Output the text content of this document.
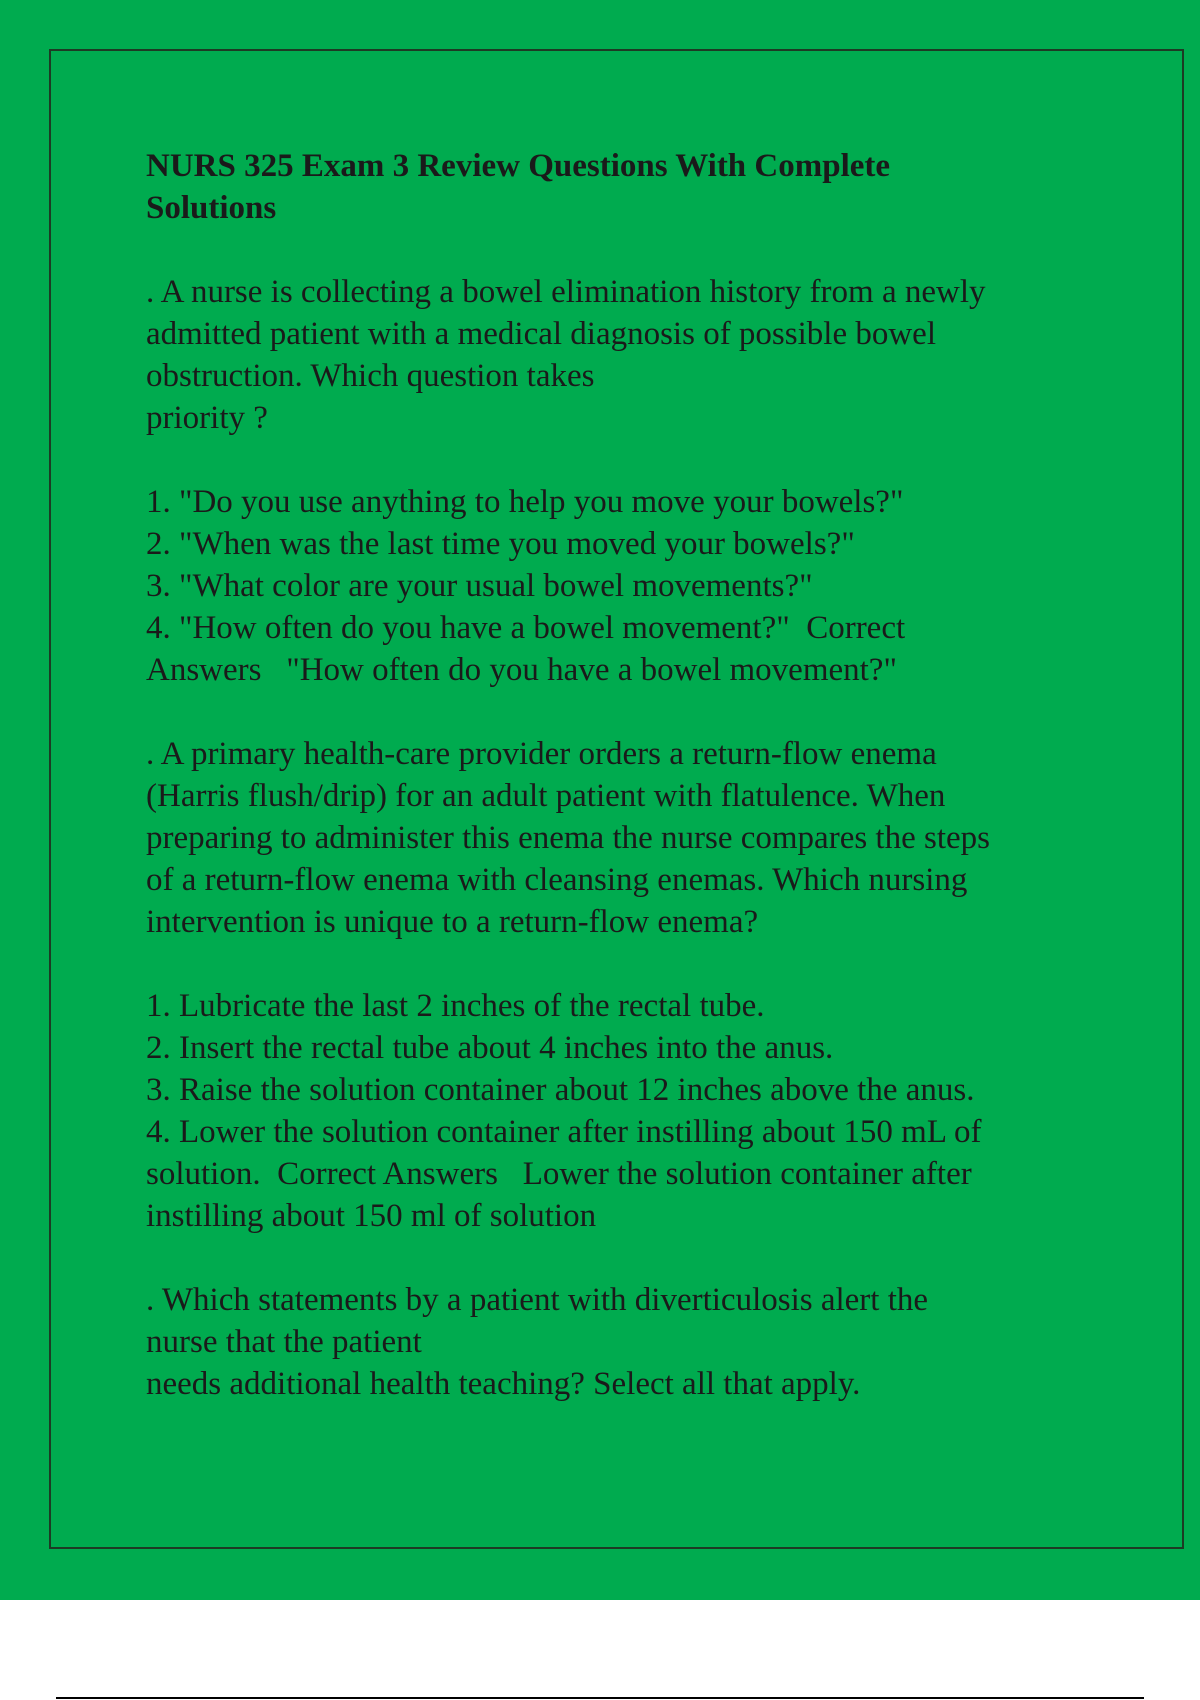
NURS 325 Exam 3 Review Questions With Complete
Solutions
. A nurse is collecting a bowel elimination history from a newly
admitted patient with a medical diagnosis of possible bowel
obstruction. Which question takes
priority ?
1. "Do you use anything to help you move your bowels?"
2. "When was the last time you moved your bowels?"
3. "What color are your usual bowel movements?"
4. "How often do you have a bowel movement?"  Correct
Answers   "How often do you have a bowel movement?"
. A primary health-care provider orders a return-flow enema
(Harris flush/drip) for an adult patient with flatulence. When
preparing to administer this enema the nurse compares the steps
of a return-flow enema with cleansing enemas. Which nursing
intervention is unique to a return-flow enema?
1. Lubricate the last 2 inches of the rectal tube.
2. Insert the rectal tube about 4 inches into the anus.
3. Raise the solution container about 12 inches above the anus.
4. Lower the solution container after instilling about 150 mL of
solution.  Correct Answers   Lower the solution container after
instilling about 150 ml of solution
. Which statements by a patient with diverticulosis alert the
nurse that the patient
needs additional health teaching? Select all that apply.
